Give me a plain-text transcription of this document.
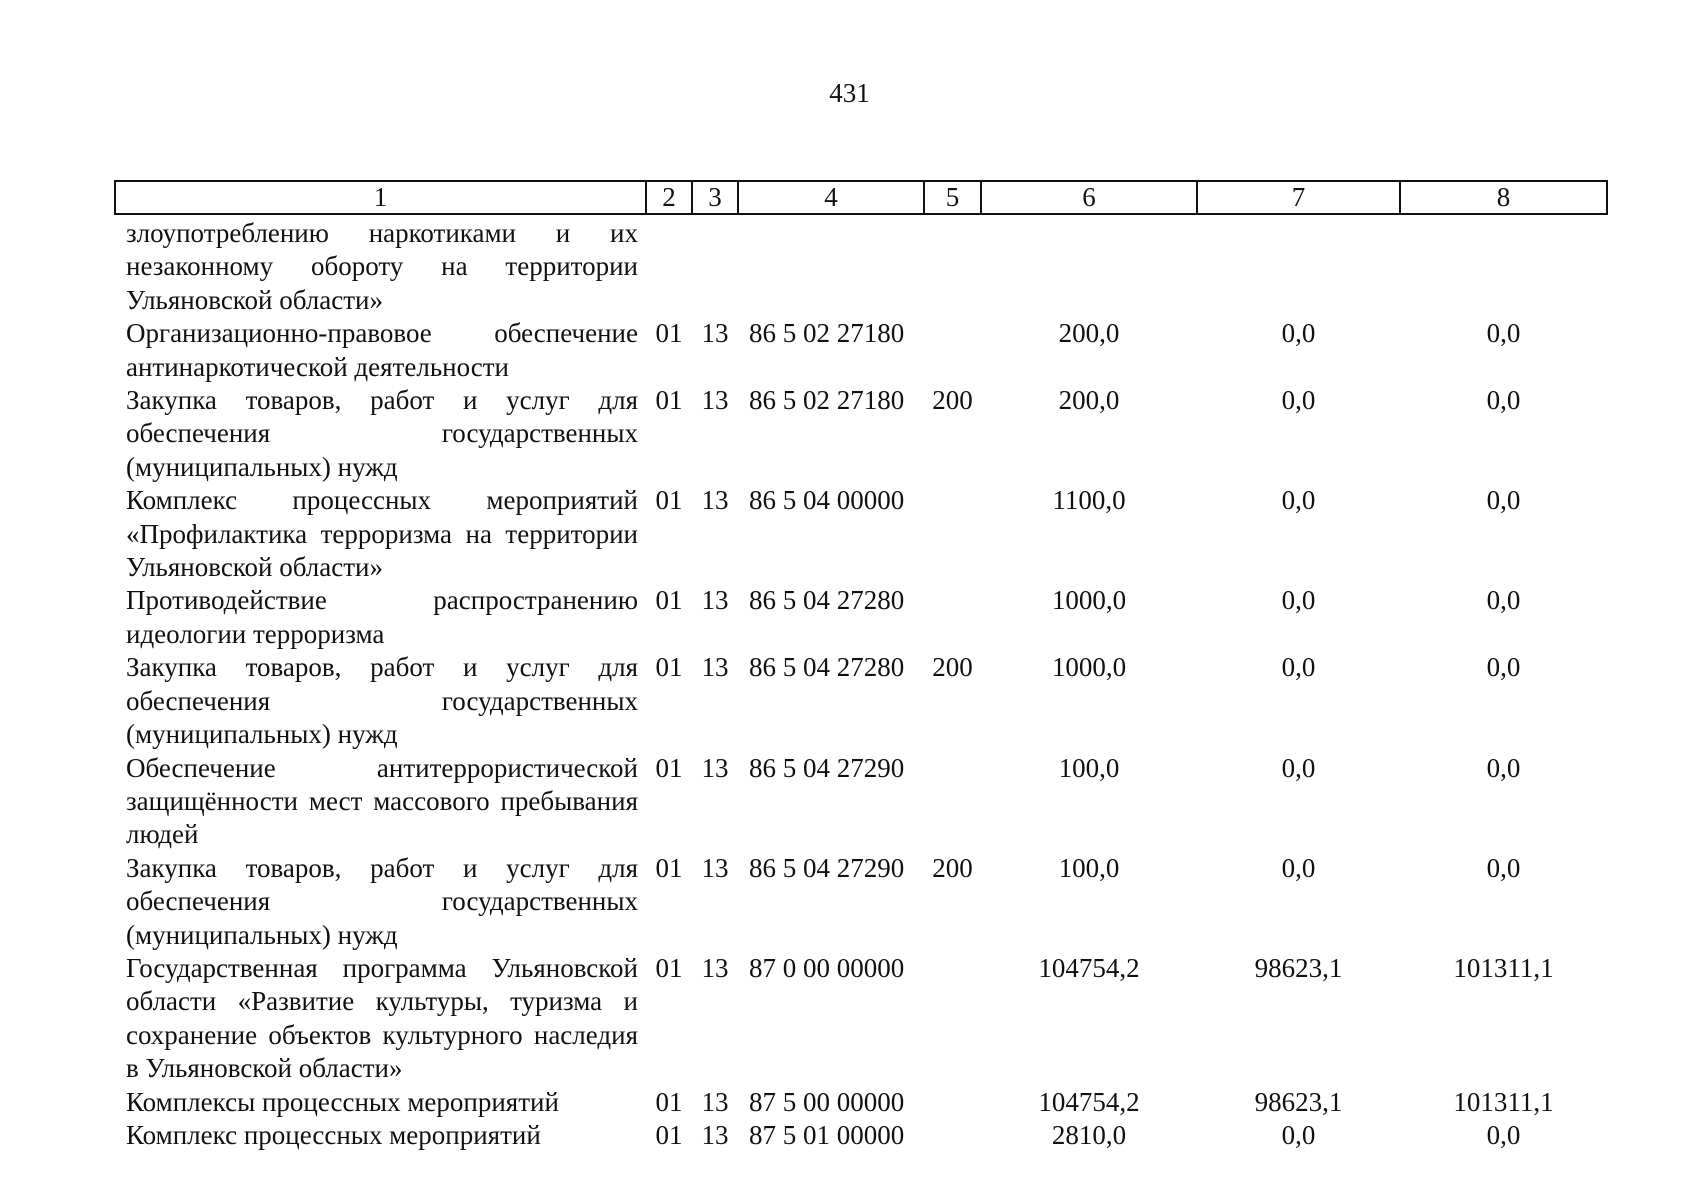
431
1	2	3	4	5	6	7	8
злоупотреблению наркотиками и их незаконному обороту на территории Ульяновской области»							
Организационно-правовое обеспечение антинаркотической деятельности	01	13	86 5 02 27180		200,0	0,0	0,0
Закупка товаров, работ и услуг для обеспечения государственных (муниципальных) нужд	01	13	86 5 02 27180	200	200,0	0,0	0,0
Комплекс процессных мероприятий «Профилактика терроризма на территории Ульяновской области»	01	13	86 5 04 00000		1100,0	0,0	0,0
Противодействие распространению идеологии терроризма	01	13	86 5 04 27280		1000,0	0,0	0,0
Закупка товаров, работ и услуг для обеспечения государственных (муниципальных) нужд	01	13	86 5 04 27280	200	1000,0	0,0	0,0
Обеспечение антитеррористической защищённости мест массового пребывания людей	01	13	86 5 04 27290		100,0	0,0	0,0
Закупка товаров, работ и услуг для обеспечения государственных (муниципальных) нужд	01	13	86 5 04 27290	200	100,0	0,0	0,0
Государственная программа Ульяновской области «Развитие культуры, туризма и сохранение объектов культурного наследия в Ульяновской области»	01	13	87 0 00 00000		104754,2	98623,1	101311,1
Комплексы процессных мероприятий	01	13	87 5 00 00000		104754,2	98623,1	101311,1
Комплекс процессных мероприятий	01	13	87 5 01 00000		2810,0	0,0	0,0
